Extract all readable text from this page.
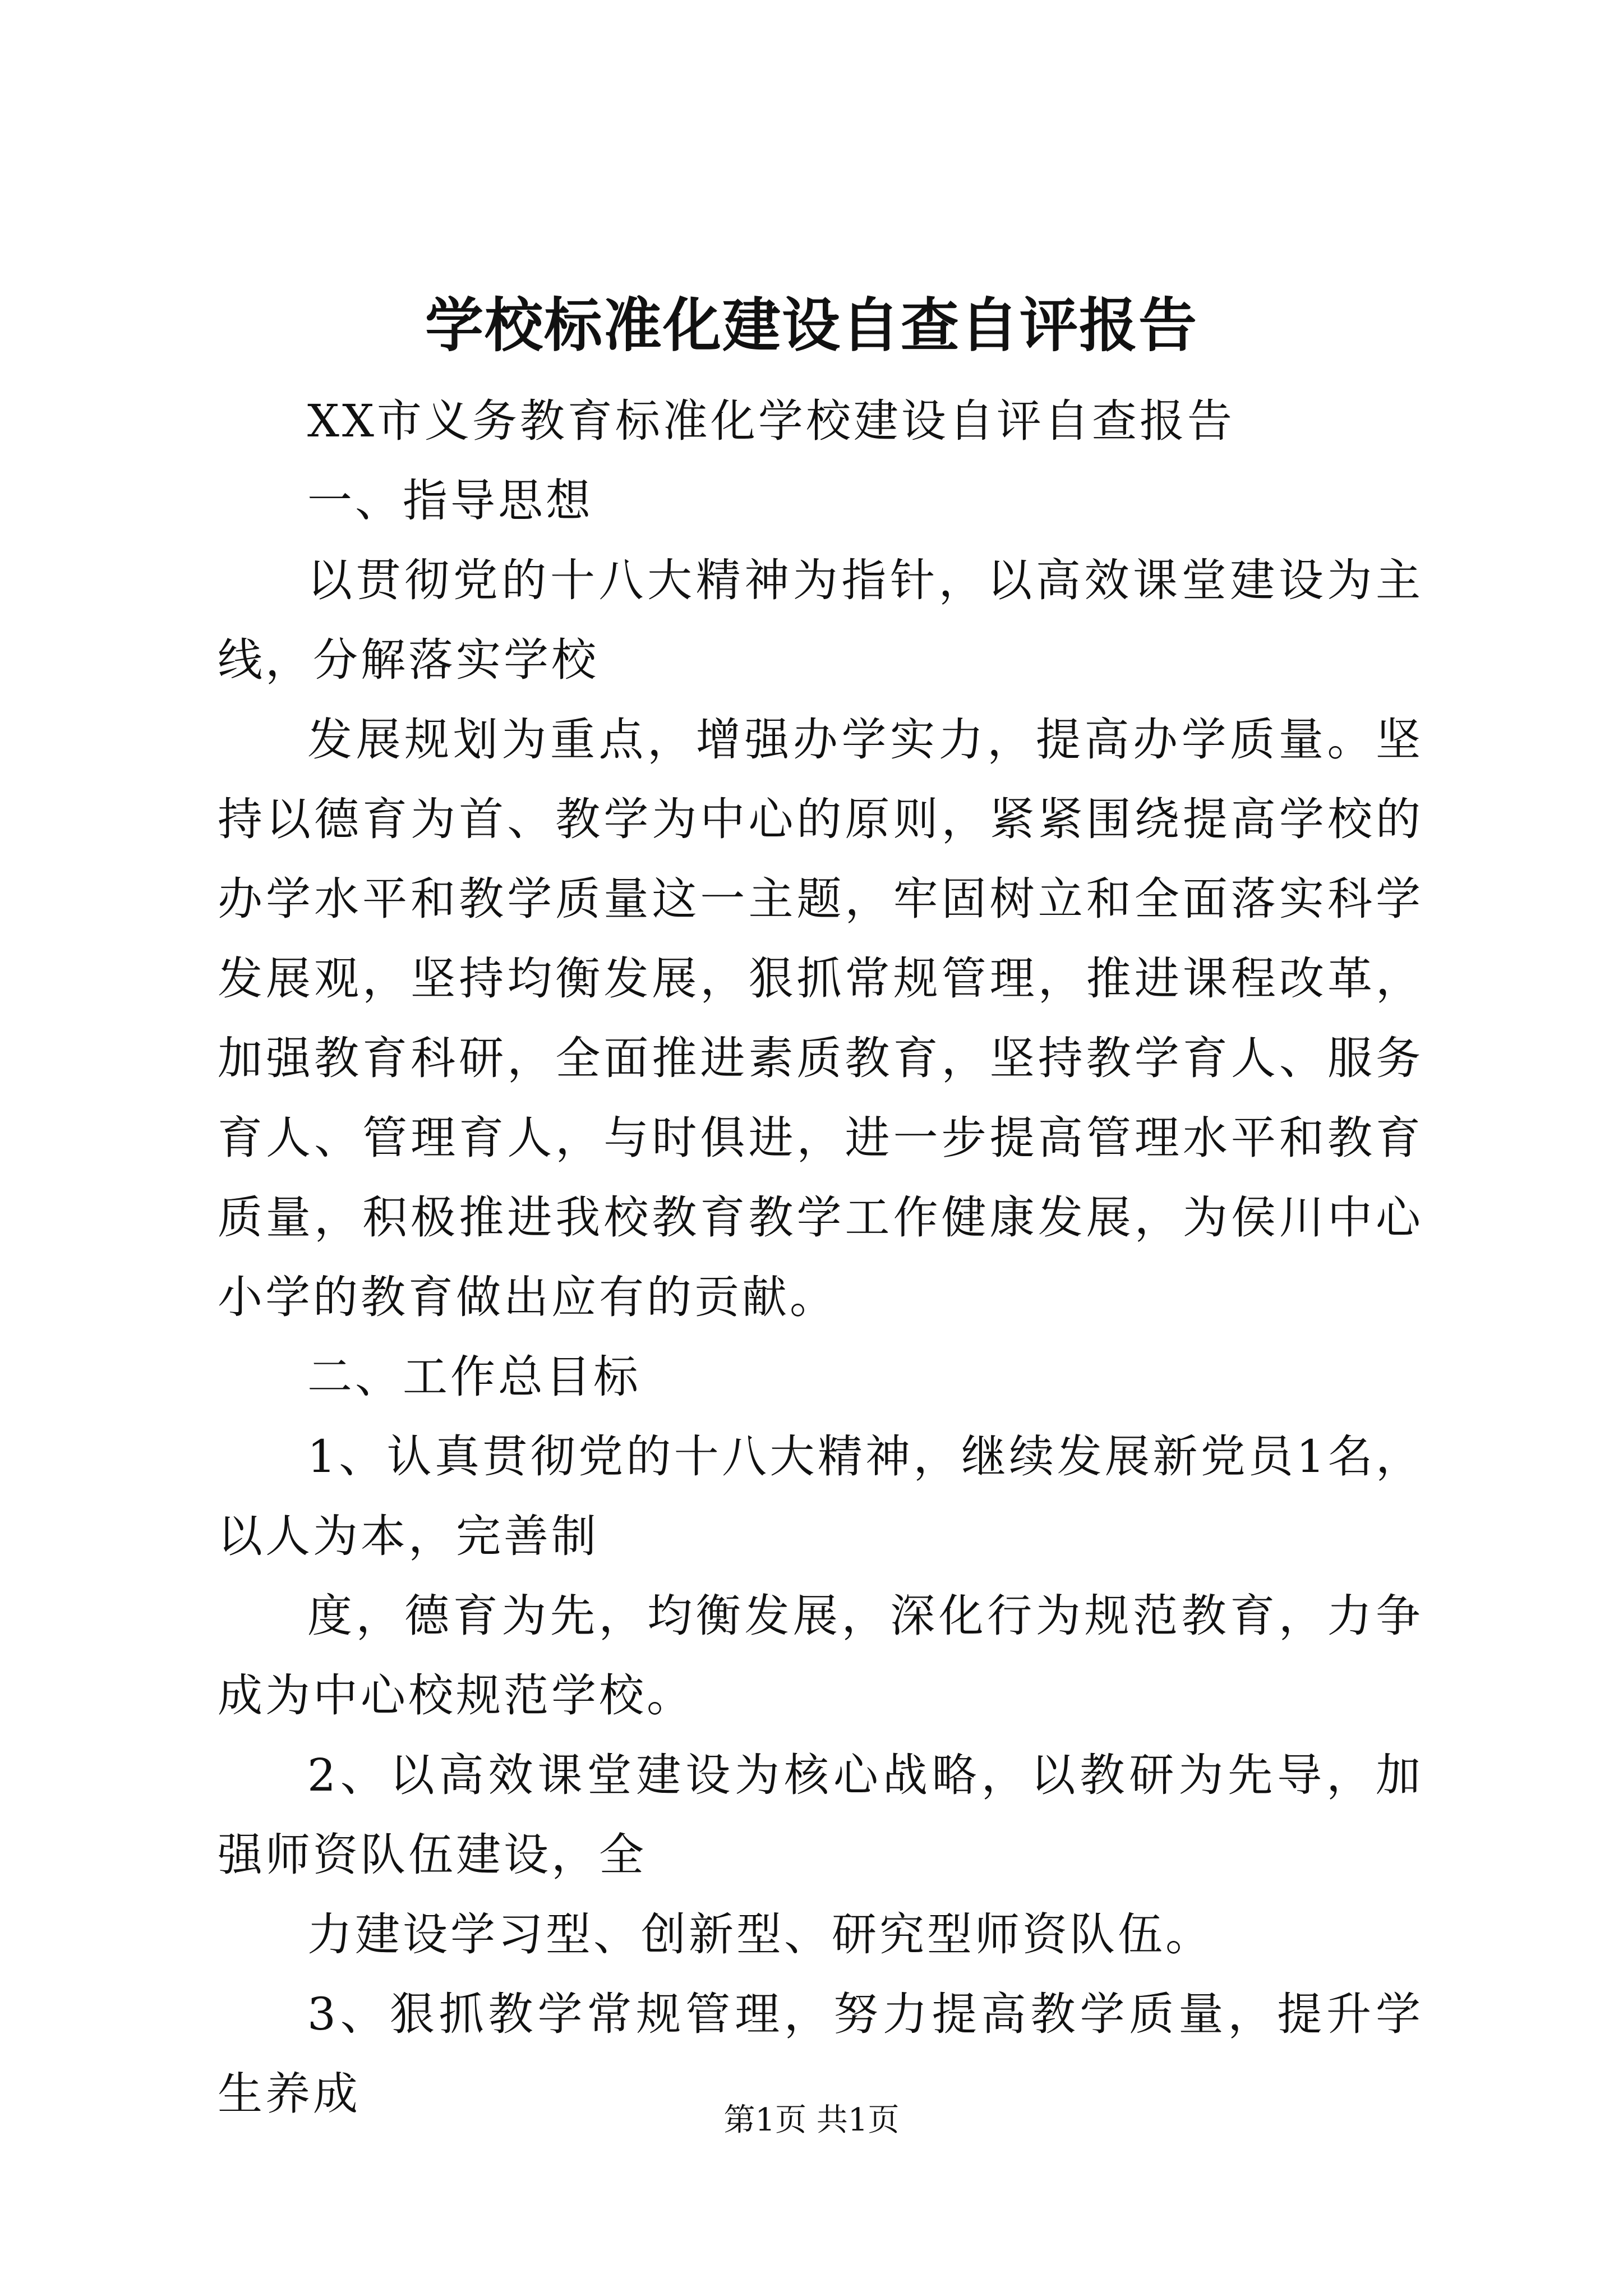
学校标准化建设自查自评报告

XX市义务教育标准化学校建设自评自查报告

一、指导思想

以贯彻党的十八大精神为指针，以高效课堂建设为主线，分解落实学校

发展规划为重点，增强办学实力，提高办学质量。坚持以德育为首、教学为中心的原则，紧紧围绕提高学校的办学水平和教学质量这一主题，牢固树立和全面落实科学发展观，坚持均衡发展，狠抓常规管理，推进课程改革，加强教育科研，全面推进素质教育，坚持教学育人、服务育人、管理育人，与时俱进，进一步提高管理水平和教育质量，积极推进我校教育教学工作健康发展，为侯川中心小学的教育做出应有的贡献。

二、工作总目标

1、认真贯彻党的十八大精神，继续发展新党员1名，以人为本，完善制

度，德育为先，均衡发展，深化行为规范教育，力争成为中心校规范学校。

2、以高效课堂建设为核心战略，以教研为先导，加强师资队伍建设，全

力建设学习型、创新型、研究型师资队伍。

3、狠抓教学常规管理，努力提高教学质量，提升学生养成

第1页 共1页
